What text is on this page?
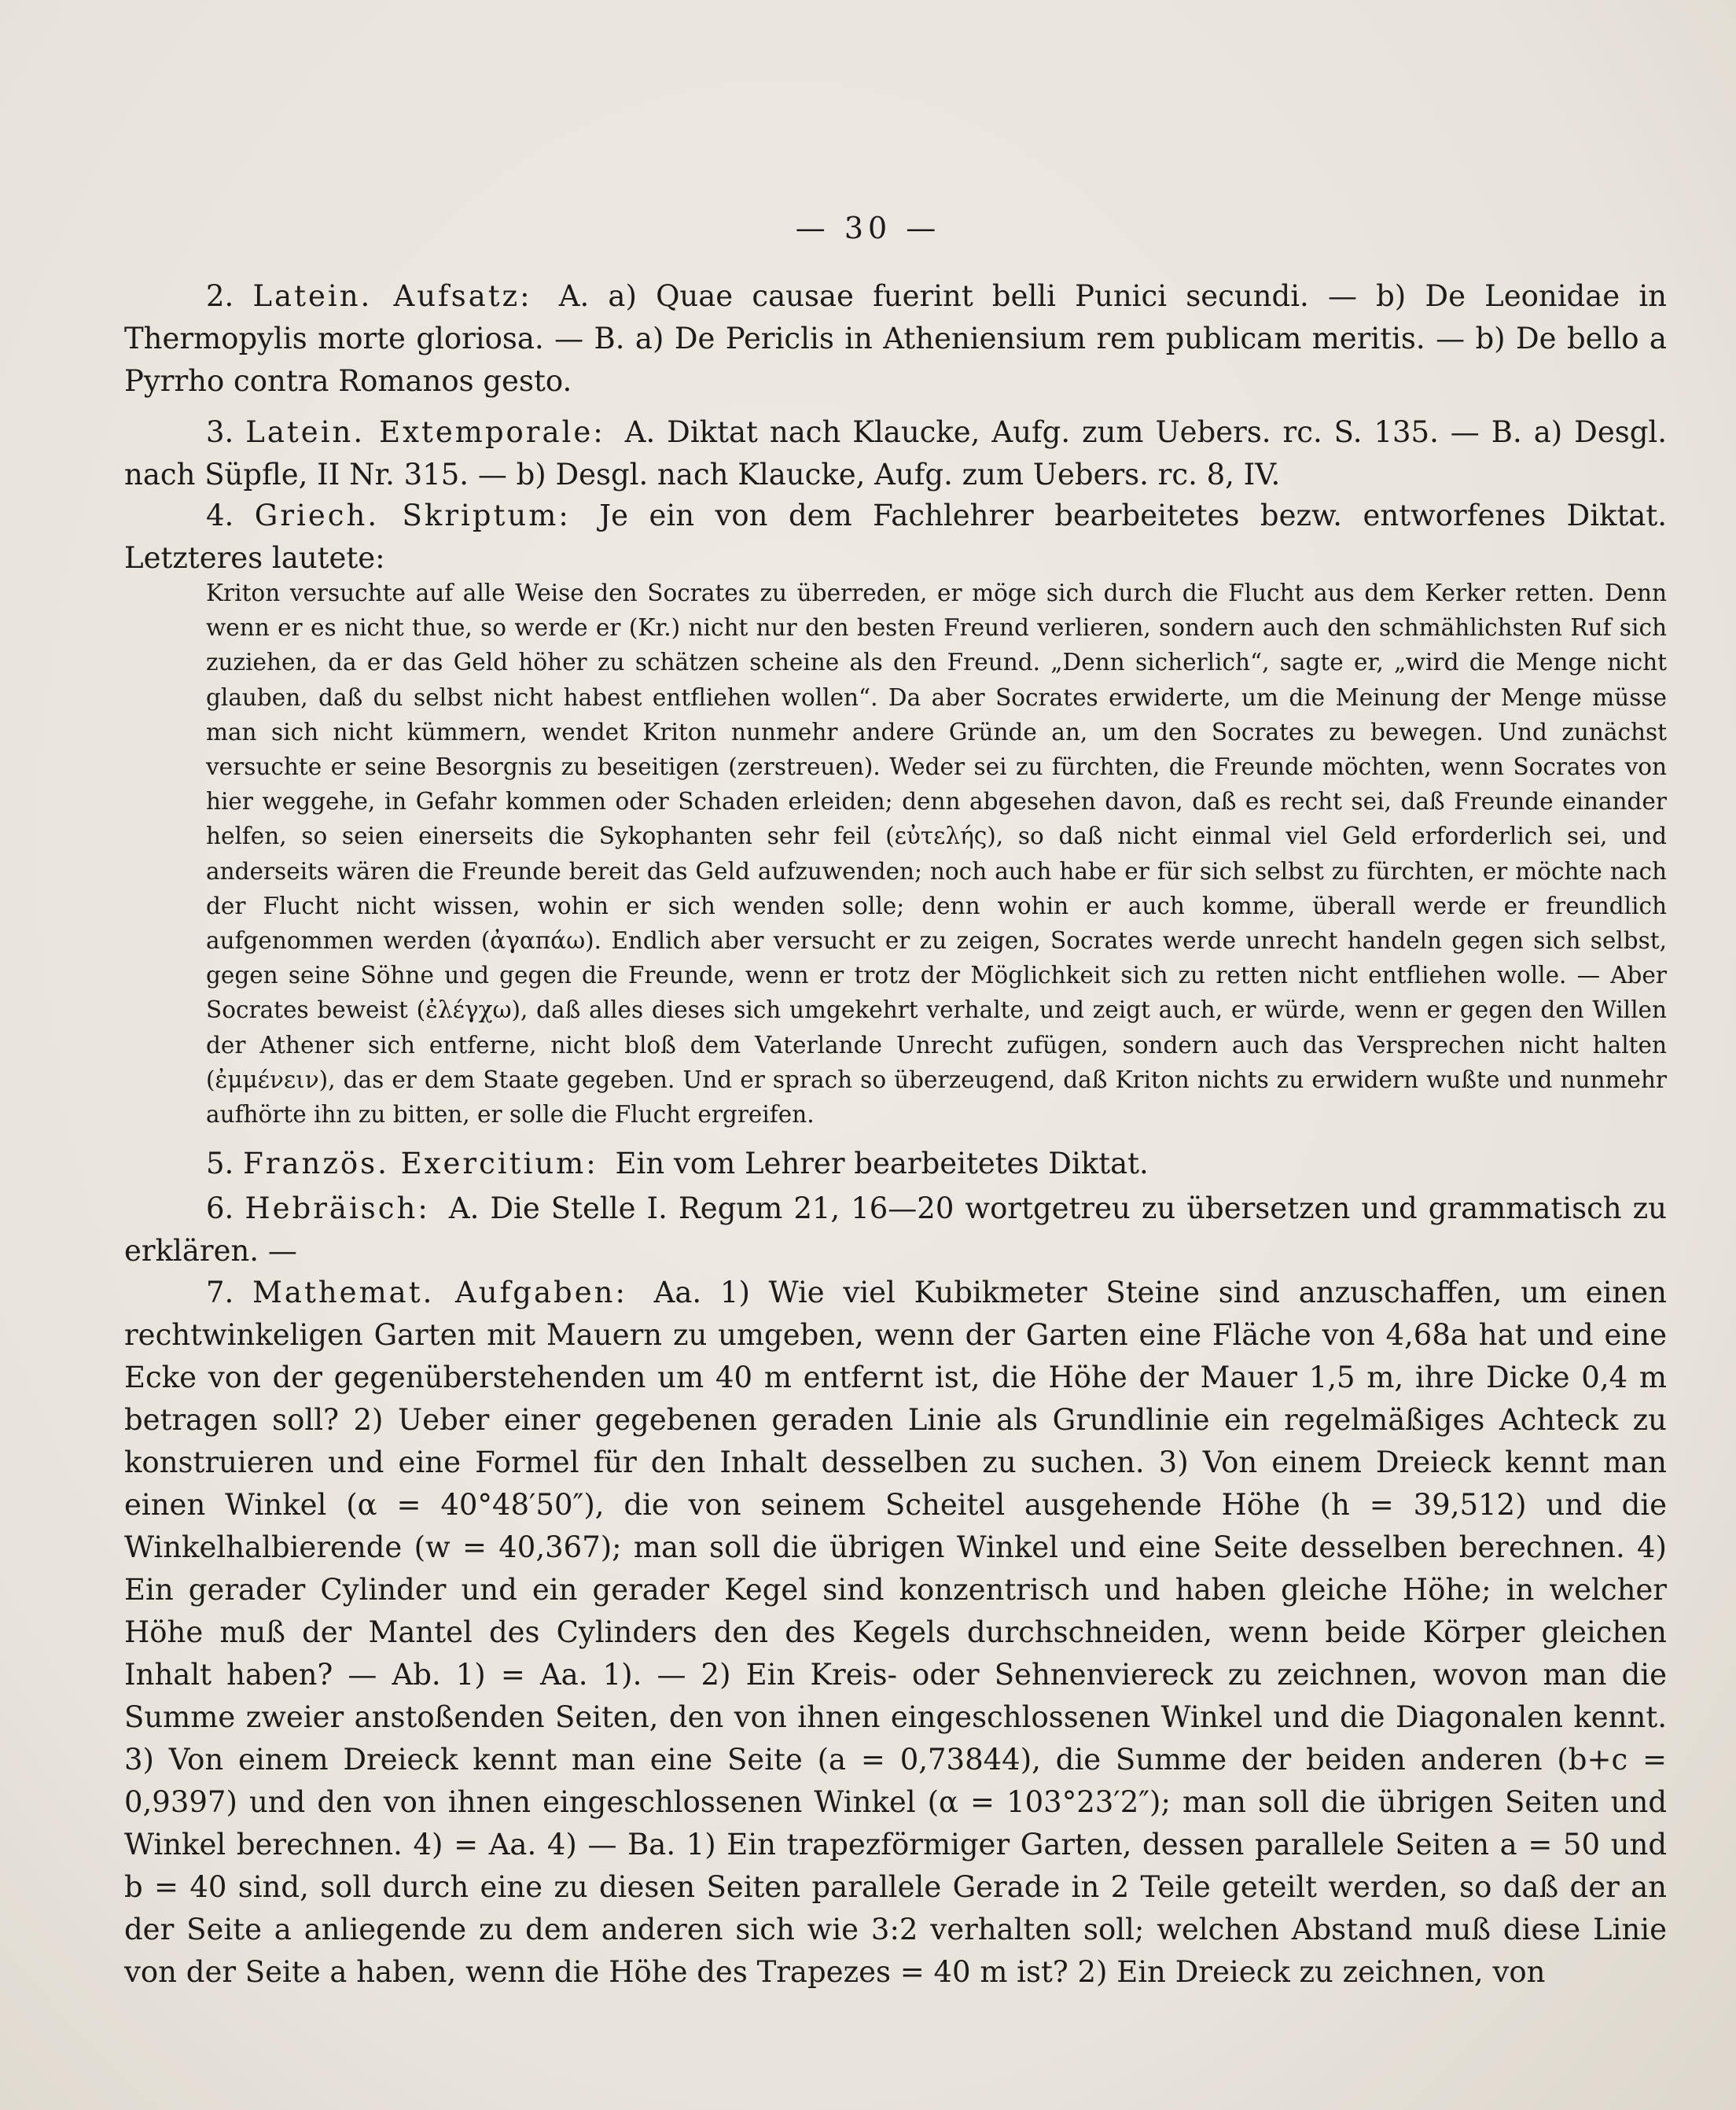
— 30 —
2. Latein. Aufsatz: A. a) Quae causae fuerint belli Punici secundi. — b) De Leonidae in Thermopylis morte gloriosa. — B. a) De Periclis in Atheniensium rem publicam meritis. — b) De bello a Pyrrho contra Romanos gesto.
3. Latein. Extemporale: A. Diktat nach Klaucke, Aufg. zum Uebers. rc. S. 135. — B. a) Desgl. nach Süpfle, II Nr. 315. — b) Desgl. nach Klaucke, Aufg. zum Uebers. rc. 8, IV.
4. Griech. Skriptum: Je ein von dem Fachlehrer bearbeitetes bezw. entworfenes Diktat. Letzteres lautete:
Kriton versuchte auf alle Weise den Socrates zu überreden, er möge sich durch die Flucht aus dem Kerker retten. Denn wenn er es nicht thue, so werde er (Kr.) nicht nur den besten Freund verlieren, sondern auch den schmählichsten Ruf sich zuziehen, da er das Geld höher zu schätzen scheine als den Freund. „Denn sicherlich“, sagte er, „wird die Menge nicht glauben, daß du selbst nicht habest entfliehen wollen“. Da aber Socrates erwiderte, um die Meinung der Menge müsse man sich nicht kümmern, wendet Kriton nunmehr andere Gründe an, um den Socrates zu bewegen. Und zunächst versuchte er seine Besorgnis zu beseitigen (zerstreuen). Weder sei zu fürchten, die Freunde möchten, wenn Socrates von hier weggehe, in Gefahr kommen oder Schaden erleiden; denn abgesehen davon, daß es recht sei, daß Freunde einander helfen, so seien einerseits die Sykophanten sehr feil (εὐτελής), so daß nicht einmal viel Geld erforderlich sei, und anderseits wären die Freunde bereit das Geld aufzuwenden; noch auch habe er für sich selbst zu fürchten, er möchte nach der Flucht nicht wissen, wohin er sich wenden solle; denn wohin er auch komme, überall werde er freundlich aufgenommen werden (ἀγαπάω). Endlich aber versucht er zu zeigen, Socrates werde unrecht handeln gegen sich selbst, gegen seine Söhne und gegen die Freunde, wenn er trotz der Möglichkeit sich zu retten nicht entfliehen wolle. — Aber Socrates beweist (ἐλέγχω), daß alles dieses sich umgekehrt verhalte, und zeigt auch, er würde, wenn er gegen den Willen der Athener sich entferne, nicht bloß dem Vaterlande Unrecht zufügen, sondern auch das Versprechen nicht halten (ἐμμένειν), das er dem Staate gegeben. Und er sprach so überzeugend, daß Kriton nichts zu erwidern wußte und nunmehr aufhörte ihn zu bitten, er solle die Flucht ergreifen.
5. Französ. Exercitium: Ein vom Lehrer bearbeitetes Diktat.
6. Hebräisch: A. Die Stelle I. Regum 21, 16—20 wortgetreu zu übersetzen und grammatisch zu erklären. —
7. Mathemat. Aufgaben: Aa. 1) Wie viel Kubikmeter Steine sind anzuschaffen, um einen rechtwinkeligen Garten mit Mauern zu umgeben, wenn der Garten eine Fläche von 4,68a hat und eine Ecke von der gegenüberstehenden um 40 m entfernt ist, die Höhe der Mauer 1,5 m, ihre Dicke 0,4 m betragen soll? 2) Ueber einer gegebenen geraden Linie als Grundlinie ein regelmäßiges Achteck zu konstruieren und eine Formel für den Inhalt desselben zu suchen. 3) Von einem Dreieck kennt man einen Winkel (α = 40°48′50″), die von seinem Scheitel ausgehende Höhe (h = 39,512) und die Winkelhalbierende (w = 40,367); man soll die übrigen Winkel und eine Seite desselben berechnen. 4) Ein gerader Cylinder und ein gerader Kegel sind konzentrisch und haben gleiche Höhe; in welcher Höhe muß der Mantel des Cylinders den des Kegels durchschneiden, wenn beide Körper gleichen Inhalt haben? — Ab. 1) = Aa. 1). — 2) Ein Kreis- oder Sehnenviereck zu zeichnen, wovon man die Summe zweier anstoßenden Seiten, den von ihnen eingeschlossenen Winkel und die Diagonalen kennt. 3) Von einem Dreieck kennt man eine Seite (a = 0,73844), die Summe der beiden anderen (b+c = 0,9397) und den von ihnen eingeschlossenen Winkel (α = 103°23′2″); man soll die übrigen Seiten und Winkel berechnen. 4) = Aa. 4) — Ba. 1) Ein trapezförmiger Garten, dessen parallele Seiten a = 50 und b = 40 sind, soll durch eine zu diesen Seiten parallele Gerade in 2 Teile geteilt werden, so daß der an der Seite a anliegende zu dem anderen sich wie 3:2 verhalten soll; welchen Abstand muß diese Linie von der Seite a haben, wenn die Höhe des Trapezes = 40 m ist? 2) Ein Dreieck zu zeichnen, von
